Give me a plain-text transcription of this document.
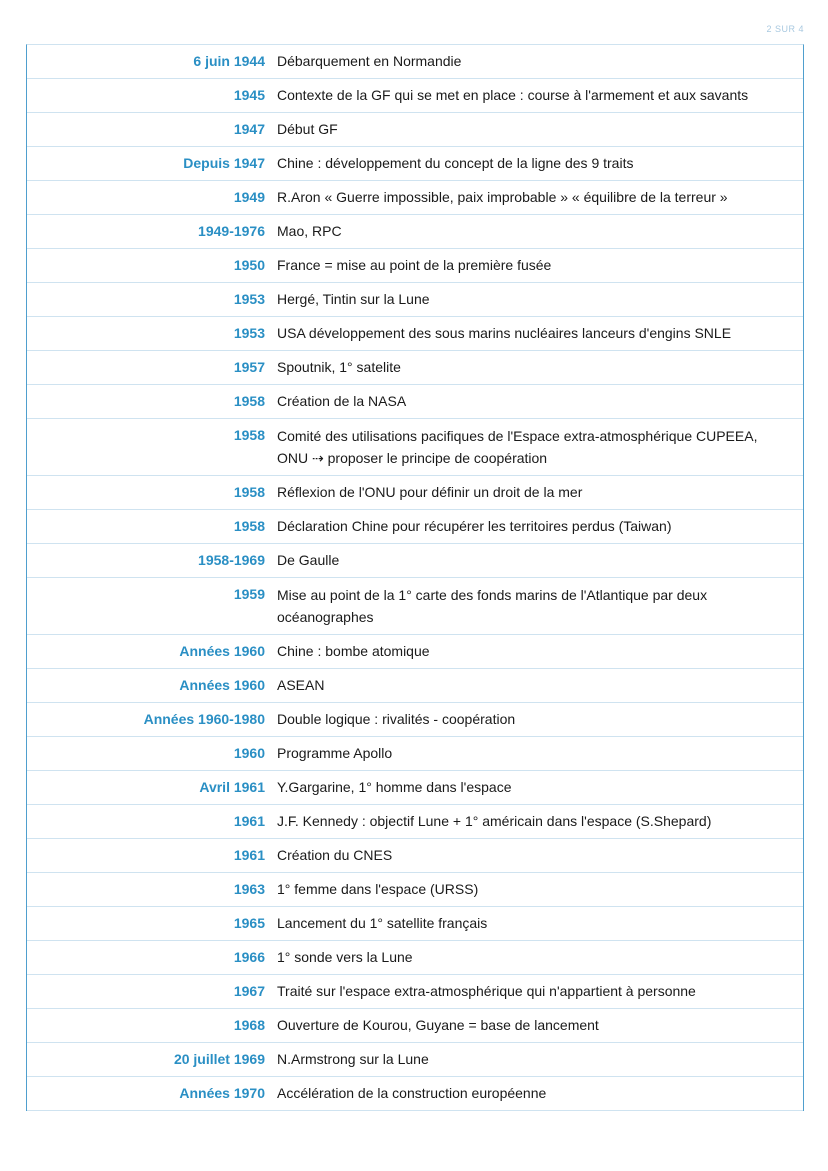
2 SUR 4
6 juin 1944 Débarquement en Normandie
1945 Contexte de la GF qui se met en place : course à l'armement et aux savants
1947 Début GF
Depuis 1947 Chine : développement du concept de la ligne des 9 traits
1949 R.Aron « Guerre impossible, paix improbable » « équilibre de la terreur »
1949-1976 Mao, RPC
1950 France = mise au point de la première fusée
1953 Hergé, Tintin sur la Lune
1953 USA développement des sous marins nucléaires lanceurs d'engins SNLE
1957 Spoutnik, 1° satelite
1958 Création de la NASA
1958 Comité des utilisations pacifiques de l'Espace extra-atmosphérique CUPEEA, ONU ⇢ proposer le principe de coopération
1958 Réflexion de l'ONU pour définir un droit de la mer
1958 Déclaration Chine pour récupérer les territoires perdus (Taiwan)
1958-1969 De Gaulle
1959 Mise au point de la 1° carte des fonds marins de l'Atlantique par deux océanographes
Années 1960 Chine : bombe atomique
Années 1960 ASEAN
Années 1960-1980 Double logique : rivalités - coopération
1960 Programme Apollo
Avril 1961 Y.Gargarine, 1° homme dans l'espace
1961 J.F. Kennedy : objectif Lune + 1° américain dans l'espace (S.Shepard)
1961 Création du CNES
1963 1° femme dans l'espace (URSS)
1965 Lancement du 1° satellite français
1966 1° sonde vers la Lune
1967 Traité sur l'espace extra-atmosphérique qui n'appartient à personne
1968 Ouverture de Kourou, Guyane = base de lancement
20 juillet 1969 N.Armstrong sur la Lune
Années 1970 Accélération de la construction européenne
